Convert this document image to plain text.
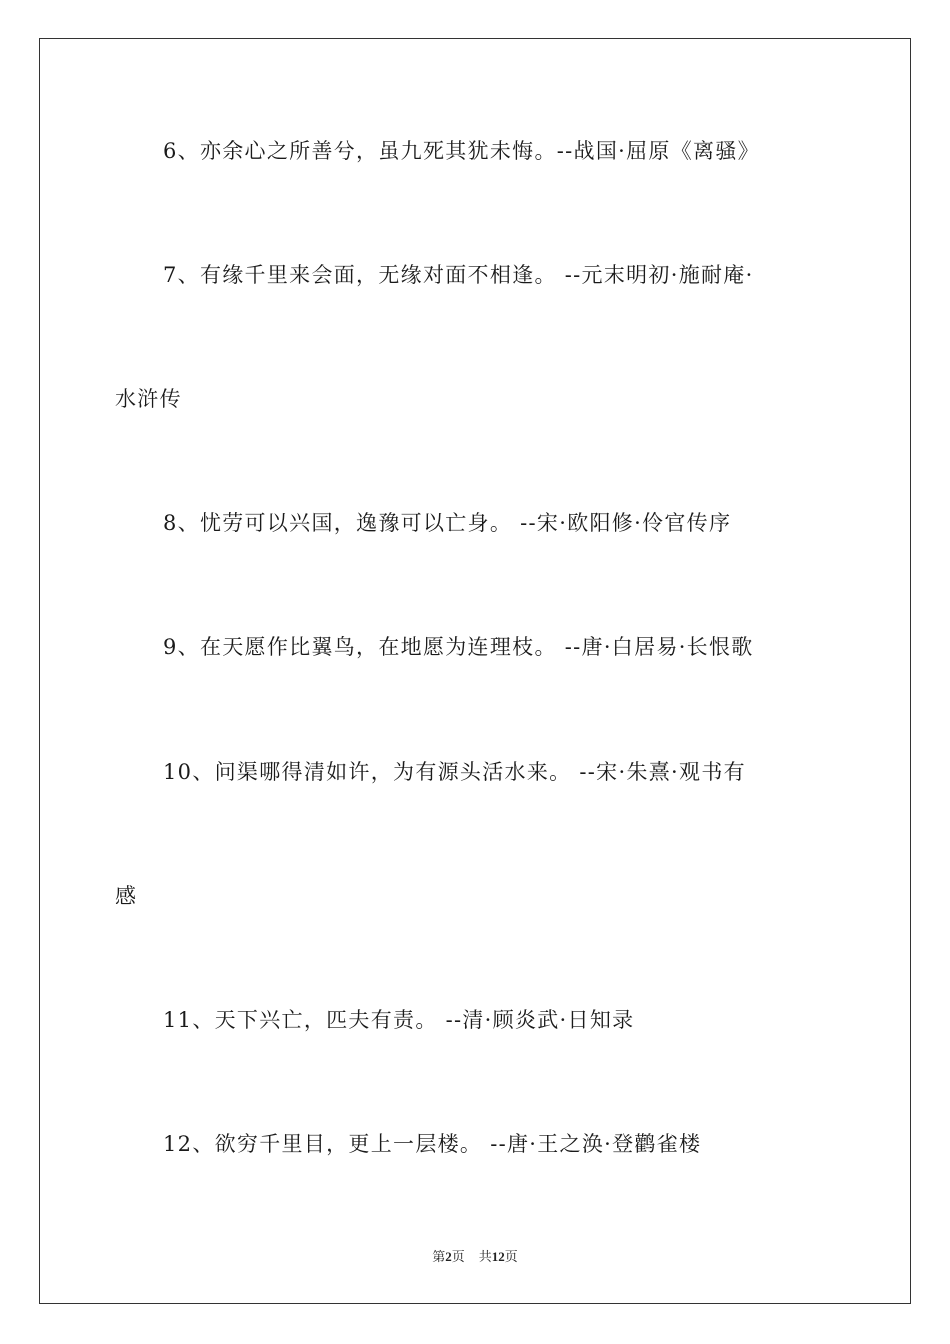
6、亦余心之所善兮，虽九死其犹未悔。--战国·屈原《离骚》
7、有缘千里来会面，无缘对面不相逢。 --元末明初·施耐庵·
水浒传
8、忧劳可以兴国，逸豫可以亡身。 --宋·欧阳修·伶官传序
9、在天愿作比翼鸟，在地愿为连理枝。 --唐·白居易·长恨歌
10、问渠哪得清如许，为有源头活水来。 --宋·朱熹·观书有
感
11、天下兴亡，匹夫有责。 --清·顾炎武·日知录
12、欲穷千里目，更上一层楼。 --唐·王之涣·登鹳雀楼
第2页 共12页
